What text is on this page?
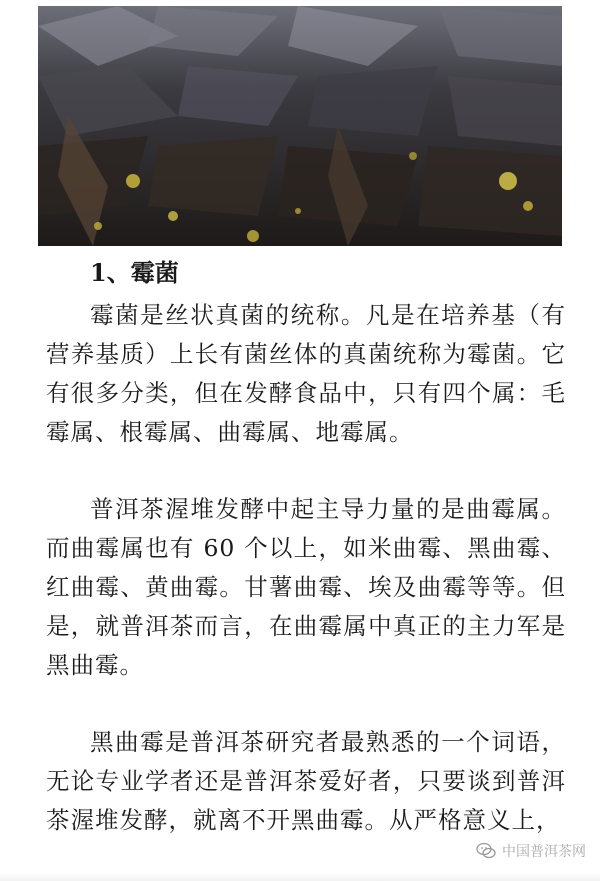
1、霉菌

霉菌是丝状真菌的统称。凡是在培养基（有营养基质）上长有菌丝体的真菌统称为霉菌。它有很多分类，但在发酵食品中，只有四个属：毛霉属、根霉属、曲霉属、地霉属。

普洱茶渥堆发酵中起主导力量的是曲霉属。而曲霉属也有 60 个以上，如米曲霉、黑曲霉、红曲霉、黄曲霉。甘薯曲霉、埃及曲霉等等。但是，就普洱茶而言，在曲霉属中真正的主力军是黑曲霉。

黑曲霉是普洱茶研究者最熟悉的一个词语，无论专业学者还是普洱茶爱好者，只要谈到普洱茶渥堆发酵，就离不开黑曲霉。从严格意义上，

中国普洱茶网
